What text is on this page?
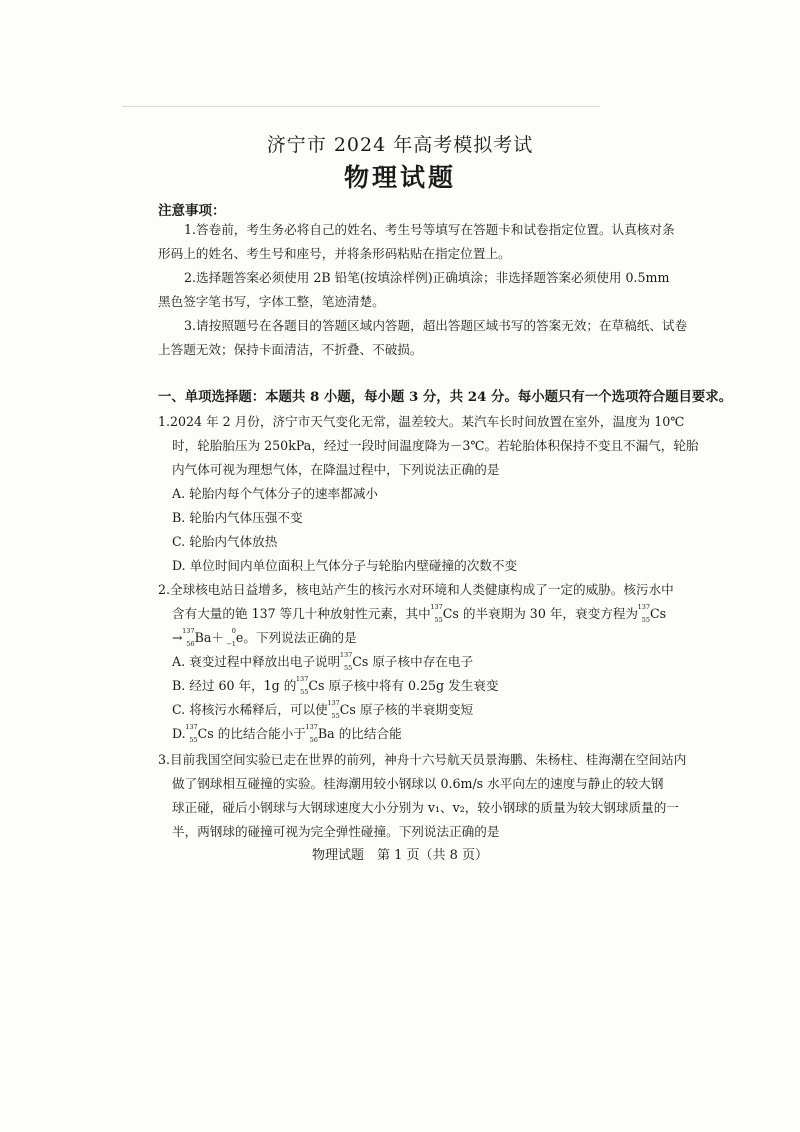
济宁市 2024 年高考模拟考试
物理试题
注意事项：
1.答卷前，考生务必将自己的姓名、考生号等填写在答题卡和试卷指定位置。认真核对条
形码上的姓名、考生号和座号，并将条形码粘贴在指定位置上。
2.选择题答案必须使用 2B 铅笔(按填涂样例)正确填涂；非选择题答案必须使用 0.5mm
黑色签字笔书写，字体工整，笔迹清楚。
3.请按照题号在各题目的答题区域内答题，超出答题区域书写的答案无效；在草稿纸、试卷
上答题无效；保持卡面清洁，不折叠、不破损。
一、单项选择题：本题共 8 小题，每小题 3 分，共 24 分。每小题只有一个选项符合题目要求。
1.2024 年 2 月份，济宁市天气变化无常，温差较大。某汽车长时间放置在室外，温度为 10℃
时，轮胎胎压为 250kPa，经过一段时间温度降为－3℃。若轮胎体积保持不变且不漏气，轮胎
内气体可视为理想气体，在降温过程中，下列说法正确的是
A. 轮胎内每个气体分子的速率都减小
B. 轮胎内气体压强不变
C. 轮胎内气体放热
D. 单位时间内单位面积上气体分子与轮胎内壁碰撞的次数不变
2.全球核电站日益增多，核电站产生的核污水对环境和人类健康构成了一定的威胁。核污水中
含有大量的铯 137 等几十种放射性元素，其中 137
55 Cs 的半衰期为 30 年，衰变方程为 137
55 Cs
→ 137
56 Ba＋ 0
−1 e。下列说法正确的是
A. 衰变过程中释放出电子说明 137
55 Cs 原子核中存在电子
B. 经过 60 年，1g 的 137
55 Cs 原子核中将有 0.25g 发生衰变
C. 将核污水稀释后，可以使 137
55 Cs 原子核的半衰期变短
D. 137
55 Cs 的比结合能小于 137
56 Ba 的比结合能
3.目前我国空间实验已走在世界的前列，神舟十六号航天员景海鹏、朱杨柱、桂海潮在空间站内
做了钢球相互碰撞的实验。桂海潮用较小钢球以 0.6m/s 水平向左的速度与静止的较大钢
球正碰，碰后小钢球与大钢球速度大小分别为 v₁、v₂，较小钢球的质量为较大钢球质量的一
半，两钢球的碰撞可视为完全弹性碰撞。下列说法正确的是
物理试题　第 1 页（共 8 页）
